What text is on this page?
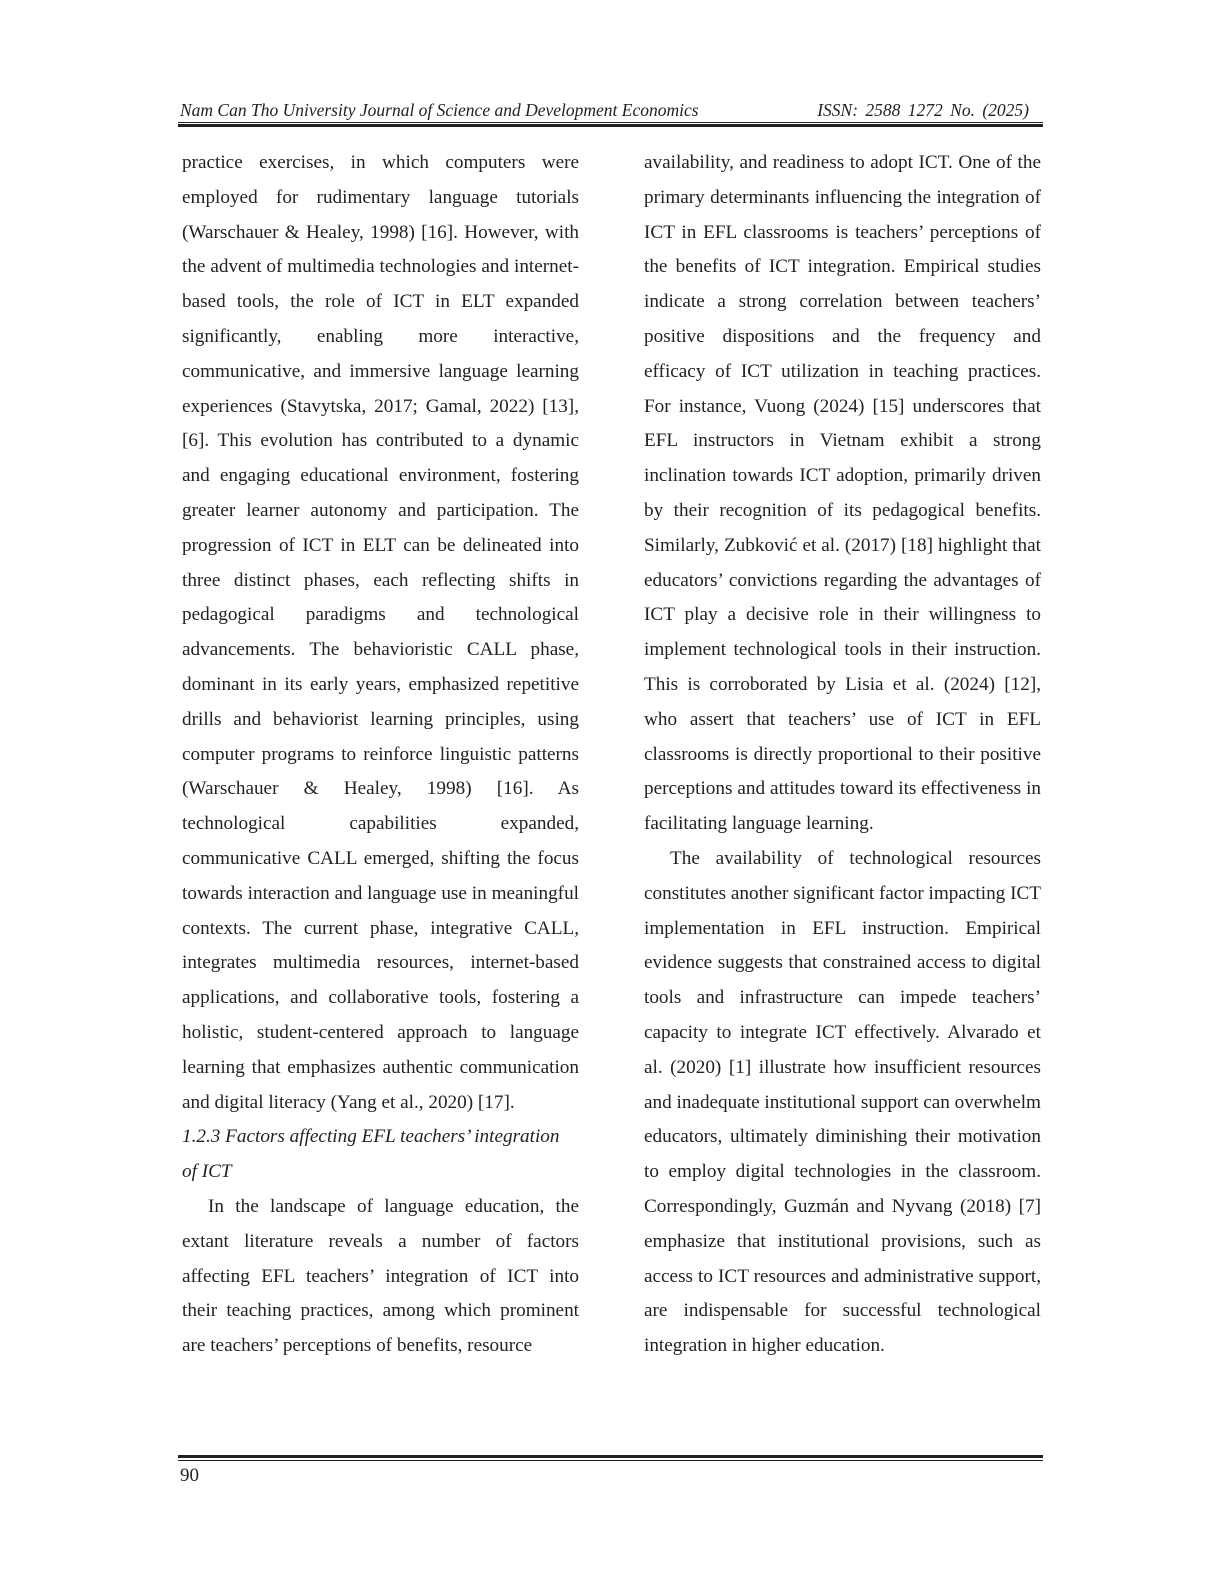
Nam Can Tho University Journal of Science and Development Economics	ISSN: 2588 1272 No. (2025)

practice exercises, in which computers were employed for rudimentary language tutorials (Warschauer & Healey, 1998) [16]. However, with the advent of multimedia technologies and internet-based tools, the role of ICT in ELT expanded significantly, enabling more interactive, communicative, and immersive language learning experiences (Stavytska, 2017; Gamal, 2022) [13],[6]. This evolution has contributed to a dynamic and engaging educational environment, fostering greater learner autonomy and participation. The progression of ICT in ELT can be delineated into three distinct phases, each reflecting shifts in pedagogical paradigms and technological advancements. The behavioristic CALL phase, dominant in its early years, emphasized repetitive drills and behaviorist learning principles, using computer programs to reinforce linguistic patterns (Warschauer & Healey, 1998) [16]. As technological capabilities expanded, communicative CALL emerged, shifting the focus towards interaction and language use in meaningful contexts. The current phase, integrative CALL, integrates multimedia resources, internet-based applications, and collaborative tools, fostering a holistic, student-centered approach to language learning that emphasizes authentic communication and digital literacy (Yang et al., 2020) [17].

1.2.3 Factors affecting EFL teachers’ integration of ICT

In the landscape of language education, the extant literature reveals a number of factors affecting EFL teachers’ integration of ICT into their teaching practices, among which prominent are teachers’ perceptions of benefits, resource

availability, and readiness to adopt ICT. One of the primary determinants influencing the integration of ICT in EFL classrooms is teachers’ perceptions of the benefits of ICT integration. Empirical studies indicate a strong correlation between teachers’ positive dispositions and the frequency and efficacy of ICT utilization in teaching practices. For instance, Vuong (2024) [15] underscores that EFL instructors in Vietnam exhibit a strong inclination towards ICT adoption, primarily driven by their recognition of its pedagogical benefits. Similarly, Zubković et al. (2017) [18] highlight that educators’ convictions regarding the advantages of ICT play a decisive role in their willingness to implement technological tools in their instruction. This is corroborated by Lisia et al. (2024) [12], who assert that teachers’ use of ICT in EFL classrooms is directly proportional to their positive perceptions and attitudes toward its effectiveness in facilitating language learning.

The availability of technological resources constitutes another significant factor impacting ICT implementation in EFL instruction. Empirical evidence suggests that constrained access to digital tools and infrastructure can impede teachers’ capacity to integrate ICT effectively. Alvarado et al. (2020) [1] illustrate how insufficient resources and inadequate institutional support can overwhelm educators, ultimately diminishing their motivation to employ digital technologies in the classroom. Correspondingly, Guzmán and Nyvang (2018) [7] emphasize that institutional provisions, such as access to ICT resources and administrative support, are indispensable for successful technological integration in higher education.

90
